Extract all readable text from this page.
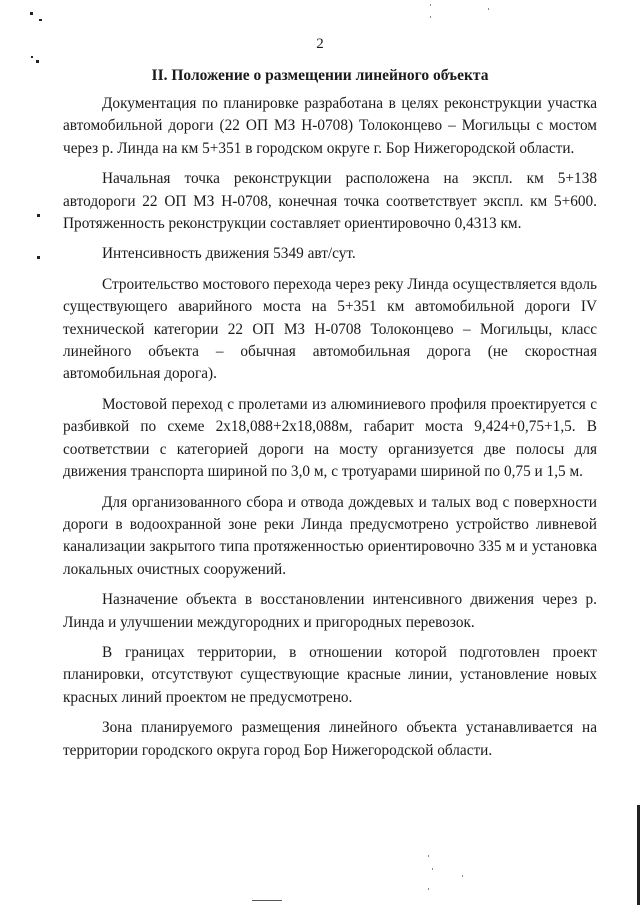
2
II. Положение о размещении линейного объекта

Документация по планировке разработана в целях реконструкции участка автомобильной дороги (22 ОП МЗ Н-0708) Толоконцево – Могильцы с мостом через р. Линда на км 5+351 в городском округе г. Бор Нижегородской области.

Начальная точка реконструкции расположена на экспл. км 5+138 автодороги 22 ОП МЗ Н-0708, конечная точка соответствует экспл. км 5+600. Протяженность реконструкции составляет ориентировочно 0,4313 км.

Интенсивность движения 5349 авт/сут.

Строительство мостового перехода через реку Линда осуществляется вдоль существующего аварийного моста на 5+351 км автомобильной дороги IV технической категории 22 ОП МЗ Н-0708 Толоконцево – Могильцы, класс линейного объекта – обычная автомобильная дорога (не скоростная автомобильная дорога).

Мостовой переход с пролетами из алюминиевого профиля проектируется с разбивкой по схеме 2х18,088+2х18,088м, габарит моста 9,424+0,75+1,5. В соответствии с категорией дороги на мосту организуется две полосы для движения транспорта шириной по 3,0 м, с тротуарами шириной по 0,75 и 1,5 м.

Для организованного сбора и отвода дождевых и талых вод с поверхности дороги в водоохранной зоне реки Линда предусмотрено устройство ливневой канализации закрытого типа протяженностью ориентировочно 335 м и установка локальных очистных сооружений.

Назначение объекта в восстановлении интенсивного движения через р. Линда и улучшении междугородних и пригородных перевозок.

В границах территории, в отношении которой подготовлен проект планировки, отсутствуют существующие красные линии, установление новых красных линий проектом не предусмотрено.

Зона планируемого размещения линейного объекта устанавливается на территории городского округа город Бор Нижегородской области.
